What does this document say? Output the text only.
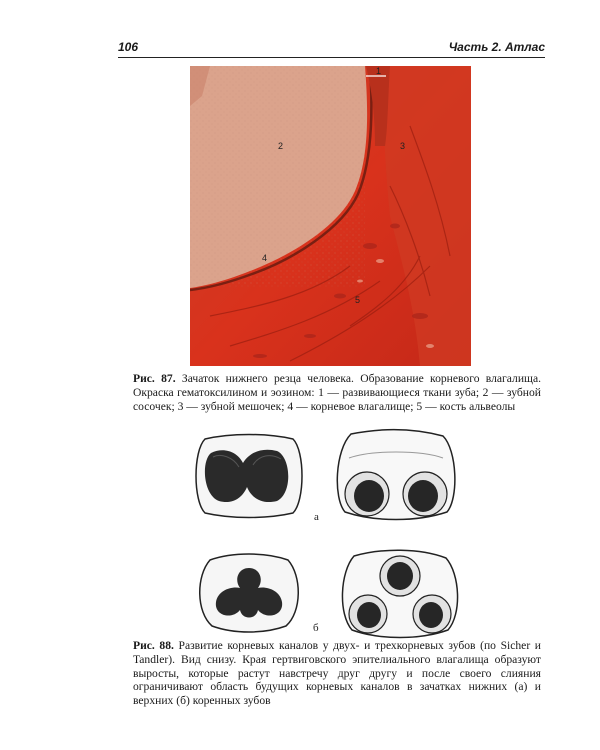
106	Часть 2. Атлас
1
2	3
4
5
Рис. 87. Зачаток нижнего резца человека. Образование корневого влагалища. Окраска гематоксилином и эозином: 1 — развивающиеся ткани зуба; 2 — зубной сосочек; 3 — зубной мешочек; 4 — корневое влагалище; 5 — кость альвеолы
а
б
Рис. 88. Развитие корневых каналов у двух- и трехкорневых зубов (по Sicher и Tandler). Вид снизу. Края гертвиговского эпителиального влагалища образуют выросты, которые растут навстречу друг другу и после своего слияния ограничивают область будущих корневых каналов в зачатках нижних (а) и верхних (б) коренных зубов
